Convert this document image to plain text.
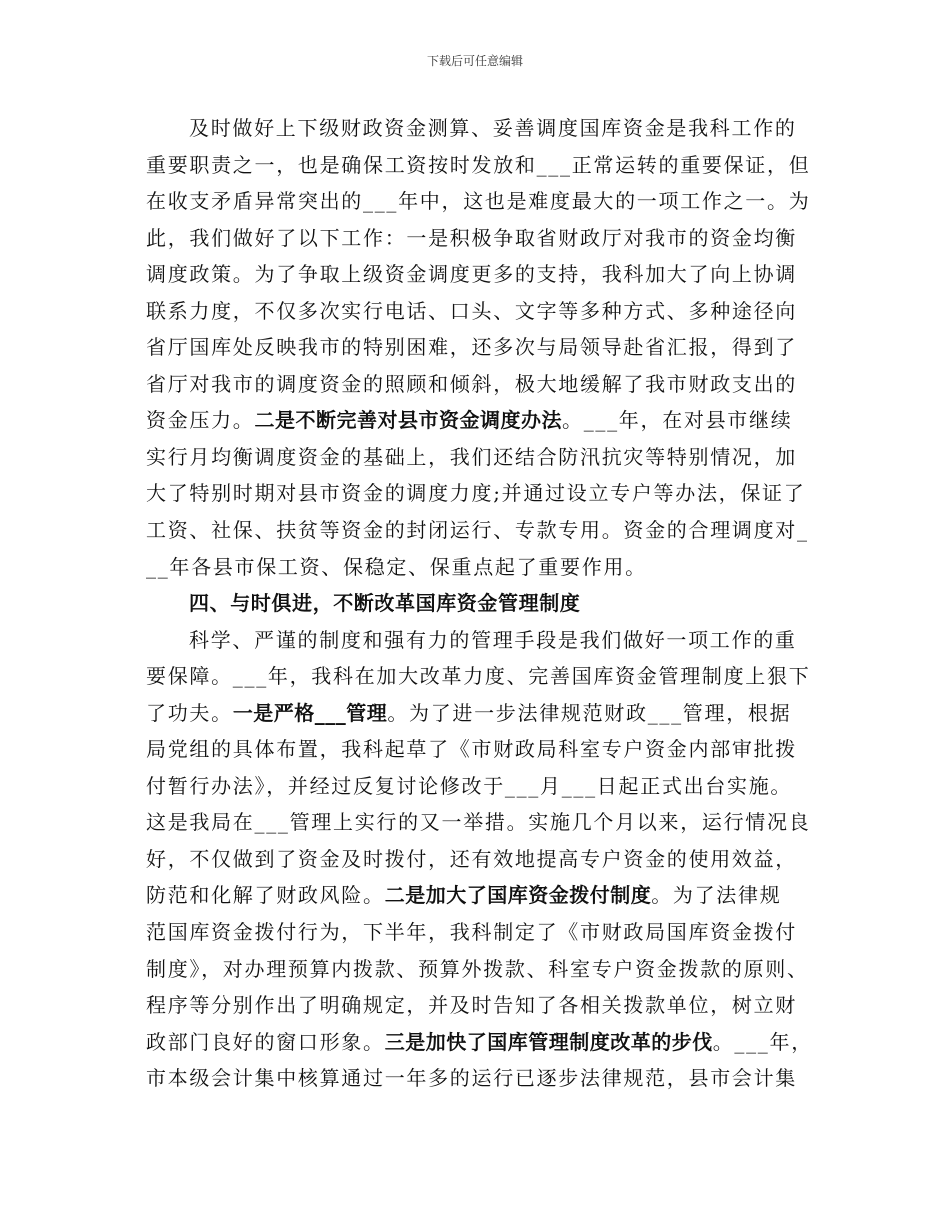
下载后可任意编辑
及时做好上下级财政资金测算、妥善调度国库资金是我科工作的
重要职责之一，也是确保工资按时发放和___正常运转的重要保证，但
在收支矛盾异常突出的___年中，这也是难度最大的一项工作之一。为
此，我们做好了以下工作：一是积极争取省财政厅对我市的资金均衡
调度政策。为了争取上级资金调度更多的支持，我科加大了向上协调
联系力度，不仅多次实行电话、口头、文字等多种方式、多种途径向
省厅国库处反映我市的特别困难，还多次与局领导赴省汇报，得到了
省厅对我市的调度资金的照顾和倾斜，极大地缓解了我市财政支出的
资金压力。二是不断完善对县市资金调度办法。___年，在对县市继续
实行月均衡调度资金的基础上，我们还结合防汛抗灾等特别情况，加
大了特别时期对县市资金的调度力度;并通过设立专户等办法，保证了
工资、社保、扶贫等资金的封闭运行、专款专用。资金的合理调度对_
__年各县市保工资、保稳定、保重点起了重要作用。
四、与时俱进，不断改革国库资金管理制度
科学、严谨的制度和强有力的管理手段是我们做好一项工作的重
要保障。___年，我科在加大改革力度、完善国库资金管理制度上狠下
了功夫。一是严格___管理。为了进一步法律规范财政___管理，根据
局党组的具体布置，我科起草了《市财政局科室专户资金内部审批拨
付暂行办法》，并经过反复讨论修改于___月___日起正式出台实施。
这是我局在___管理上实行的又一举措。实施几个月以来，运行情况良
好，不仅做到了资金及时拨付，还有效地提高专户资金的使用效益，
防范和化解了财政风险。二是加大了国库资金拨付制度。为了法律规
范国库资金拨付行为，下半年，我科制定了《市财政局国库资金拨付
制度》，对办理预算内拨款、预算外拨款、科室专户资金拨款的原则、
程序等分别作出了明确规定，并及时告知了各相关拨款单位，树立财
政部门良好的窗口形象。三是加快了国库管理制度改革的步伐。___年，
市本级会计集中核算通过一年多的运行已逐步法律规范，县市会计集
